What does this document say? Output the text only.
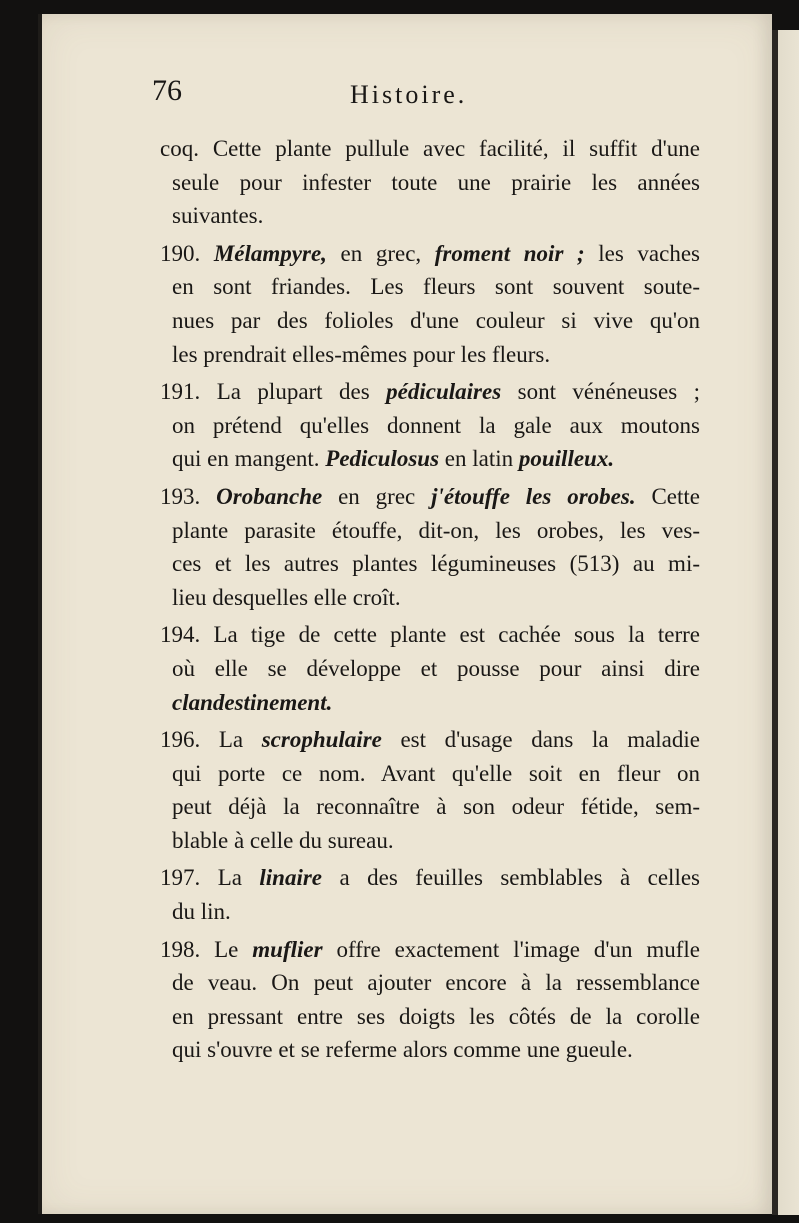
76	Histoire.
coq. Cette plante pullule avec facilité, il suffit d'une
seule pour infester toute une prairie les années
suivantes.
190. Mélampyre, en grec, froment noir ; les vaches
en sont friandes. Les fleurs sont souvent soute-
nues par des folioles d'une couleur si vive qu'on
les prendrait elles-mêmes pour les fleurs.
191. La plupart des pédiculaires sont vénéneuses ;
on prétend qu'elles donnent la gale aux moutons
qui en mangent. Pediculosus en latin pouilleux.
193. Orobanche en grec j'étouffe les orobes. Cette
plante parasite étouffe, dit-on, les orobes, les ves-
ces et les autres plantes légumineuses (513) au mi-
lieu desquelles elle croît.
194. La tige de cette plante est cachée sous la terre
où elle se développe et pousse pour ainsi dire
clandestinement.
196. La scrophulaire est d'usage dans la maladie
qui porte ce nom. Avant qu'elle soit en fleur on
peut déjà la reconnaître à son odeur fétide, sem-
blable à celle du sureau.
197. La linaire a des feuilles semblables à celles
du lin.
198. Le muflier offre exactement l'image d'un mufle
de veau. On peut ajouter encore à la ressemblance
en pressant entre ses doigts les côtés de la corolle
qui s'ouvre et se referme alors comme une gueule.
